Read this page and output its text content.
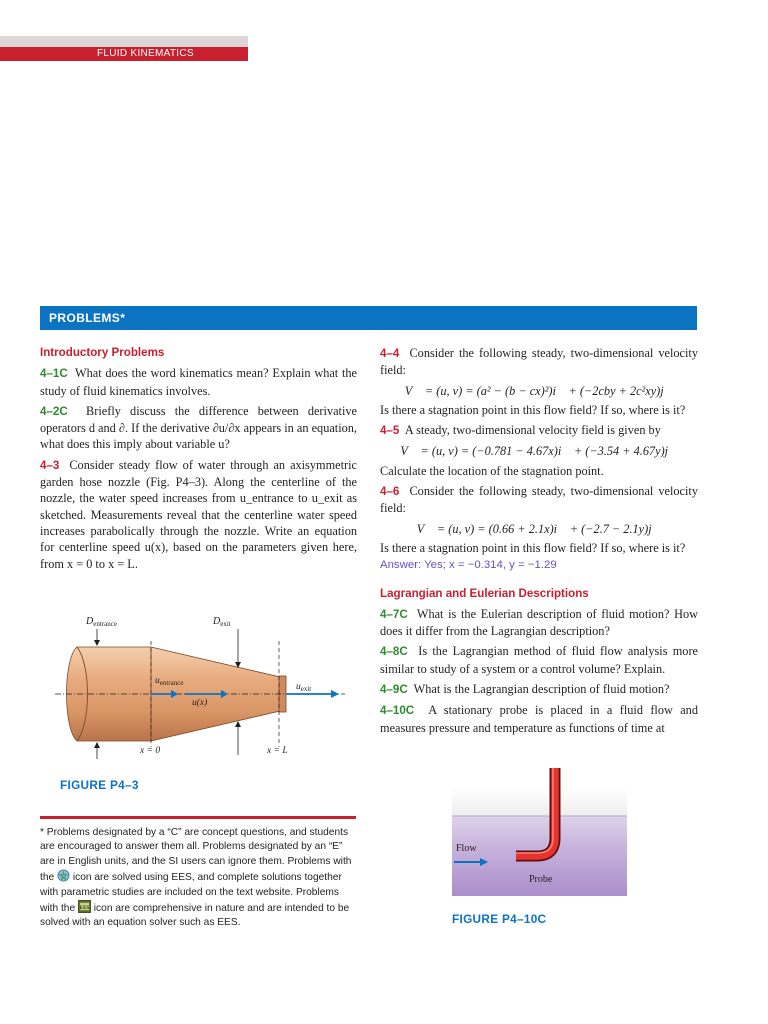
FLUID KINEMATICS
PROBLEMS*
Introductory Problems

4–1C What does the word kinematics mean? Explain what the study of fluid kinematics involves.

4–2C Briefly discuss the difference between derivative operators d and ∂. If the derivative ∂u/∂x appears in an equation, what does this imply about variable u?

4–3 Consider steady flow of water through an axisymmetric garden hose nozzle (Fig. P4–3). Along the centerline of the nozzle, the water speed increases from u_entrance to u_exit as sketched. Measurements reveal that the centerline water speed increases parabolically through the nozzle. Write an equation for centerline speed u(x), based on the parameters given here, from x = 0 to x = L.

$D_{entrance}$	$D_{exit}$
$u_{entrance}$	$u_{exit}$
u(x)
x = 0	x = L
FIGURE P4–3
* Problems designated by a “C” are concept questions, and students are encouraged to answer them all. Problems designated by an “E” are in English units, and the SI users can ignore them. Problems with the icon are solved using EES, and complete solutions together with parametric studies are included on the text website. Problems with the EES icon are comprehensive in nature and are intended to be solved with an equation solver such as EES.

4–4 Consider the following steady, two-dimensional velocity field:

V⃗ = (u, v) = (a² − (b − cx)²)i⃗ + (−2cby + 2c²xy)j⃗

Is there a stagnation point in this flow field? If so, where is it?

4–5 A steady, two-dimensional velocity field is given by

V⃗ = (u, v) = (−0.781 − 4.67x)i⃗ + (−3.54 + 4.67y)j⃗

Calculate the location of the stagnation point.

4–6 Consider the following steady, two-dimensional velocity field:

V⃗ = (u, v) = (0.66 + 2.1x)i⃗ + (−2.7 − 2.1y)j⃗

Is there a stagnation point in this flow field? If so, where is it?

Answer: Yes; x = −0.314, y = −1.29
Lagrangian and Eulerian Descriptions

4–7C What is the Eulerian description of fluid motion? How does it differ from the Lagrangian description?

4–8C Is the Lagrangian method of fluid flow analysis more similar to study of a system or a control volume? Explain.

4–9C What is the Lagrangian description of fluid motion?

4–10C A stationary probe is placed in a fluid flow and measures pressure and temperature as functions of time at

Flow
Probe
FIGURE P4–10C
